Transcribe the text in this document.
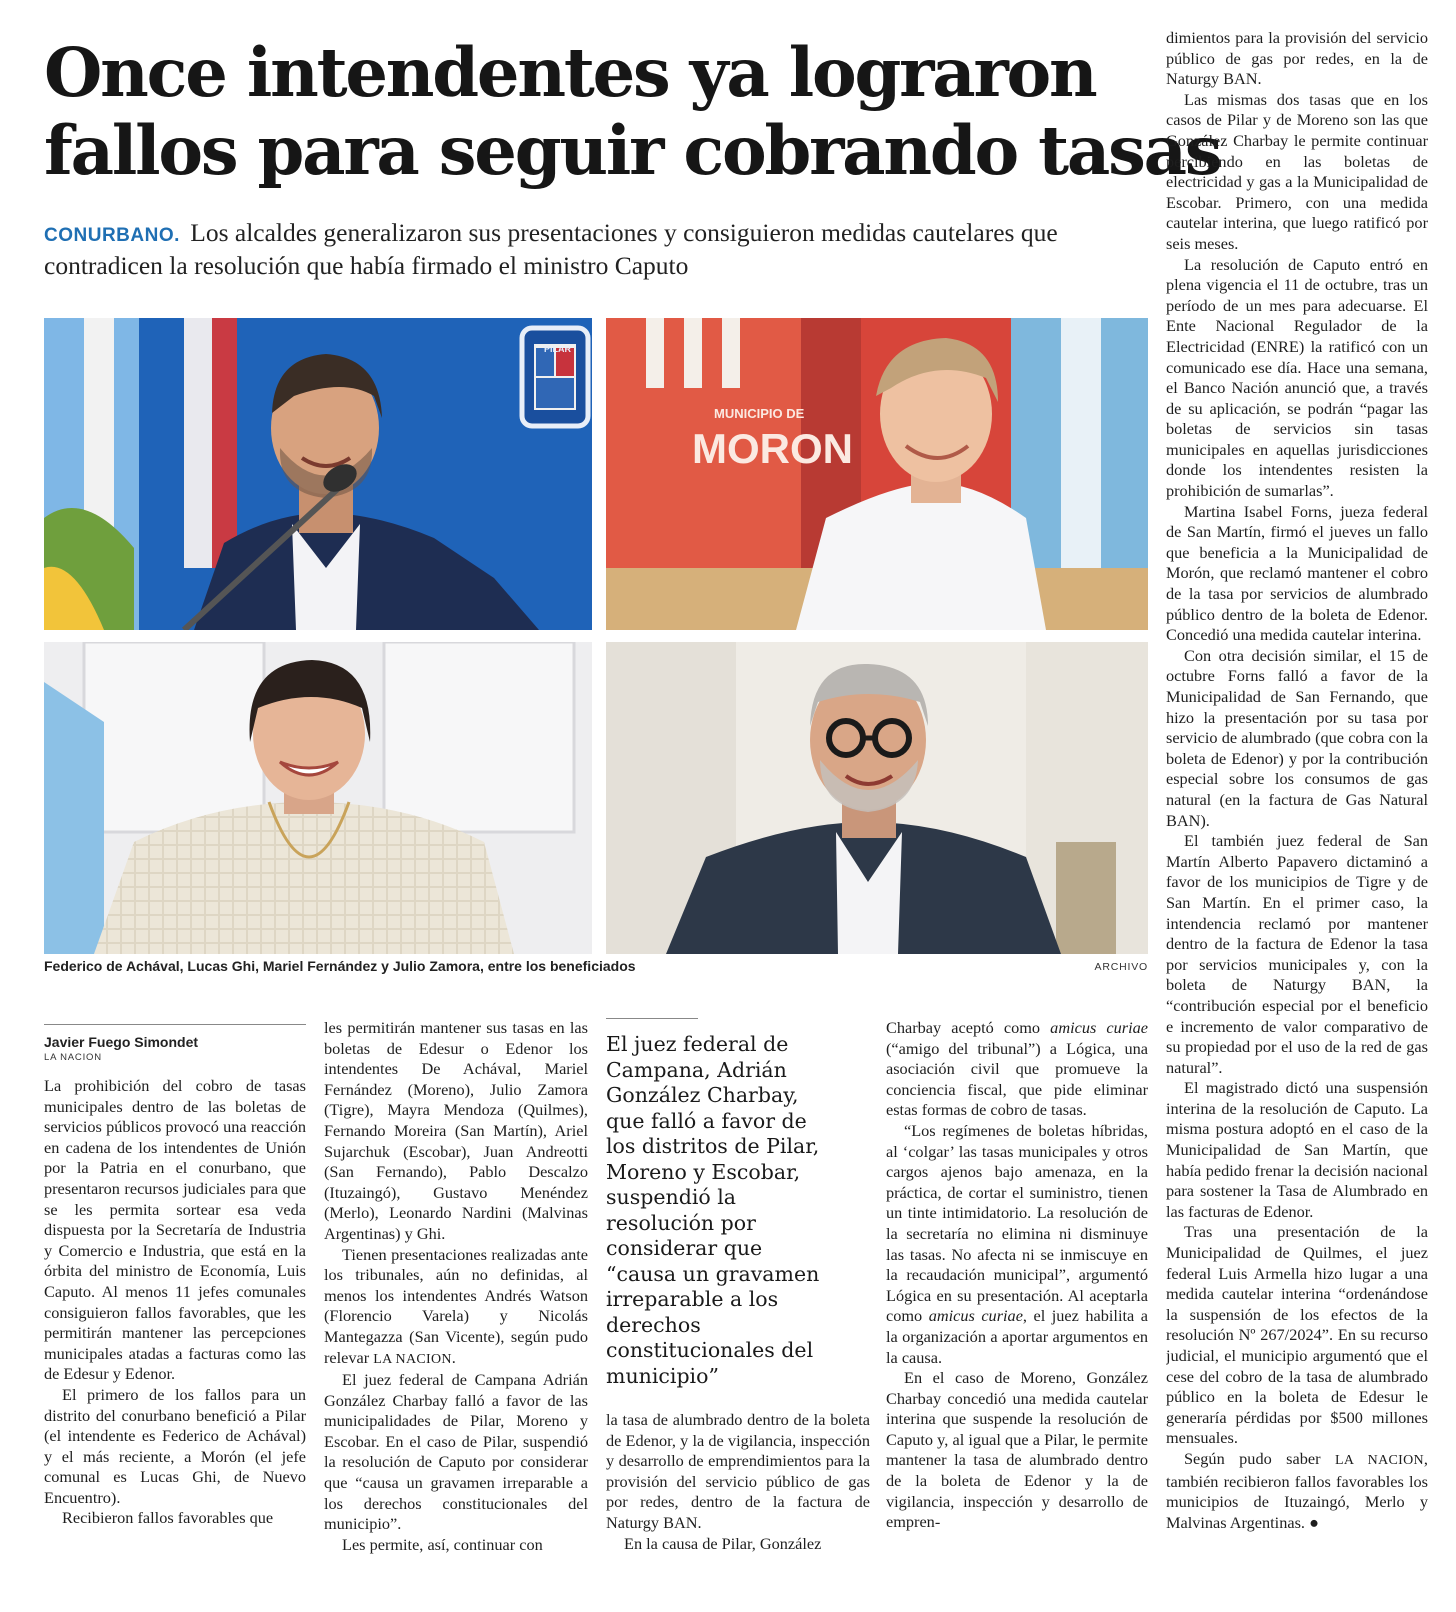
Once intendentes ya lograron
fallos para seguir cobrando tasas
CONURBANO. Los alcaldes generalizaron sus presentaciones y consiguieron medidas cautelares que contradicen la resolución que había firmado el ministro Caputo
PILAR
MUNICIPIO DE
MORON
Federico de Achával, Lucas Ghi, Mariel Fernández y Julio Zamora, entre los beneficiados	ARCHIVO
Javier Fuego Simondet
LA NACION

La prohibición del cobro de tasas municipales dentro de las boletas de servicios públicos provocó una reacción en cadena de los intendentes de Unión por la Patria en el conurbano, que presentaron recursos judiciales para que se les permita sortear esa veda dispuesta por la Secretaría de Industria y Comercio e Industria, que está en la órbita del ministro de Economía, Luis Caputo. Al menos 11 jefes comunales consiguieron fallos favorables, que les permitirán mantener las percepciones municipales atadas a facturas como las de Edesur y Edenor.

El primero de los fallos para un distrito del conurbano benefició a Pilar (el intendente es Federico de Achával) y el más reciente, a Morón (el jefe comunal es Lucas Ghi, de Nuevo Encuentro).

Recibieron fallos favorables que

les permitirán mantener sus tasas en las boletas de Edesur o Edenor los intendentes De Achával, Mariel Fernández (Moreno), Julio Zamora (Tigre), Mayra Mendoza (Quilmes), Fernando Moreira (San Martín), Ariel Sujarchuk (Escobar), Juan Andreotti (San Fernando), Pablo Descalzo (Ituzaingó), Gustavo Menéndez (Merlo), Leonardo Nardini (Malvinas Argentinas) y Ghi.

Tienen presentaciones realizadas ante los tribunales, aún no definidas, al menos los intendentes Andrés Watson (Florencio Varela) y Nicolás Mantegazza (San Vicente), según pudo relevar LA NACION.

El juez federal de Campana Adrián González Charbay falló a favor de las municipalidades de Pilar, Moreno y Escobar. En el caso de Pilar, suspendió la resolución de Caputo por considerar que “causa un gravamen irreparable a los derechos constitucionales del municipio”.

Les permite, así, continuar con

El juez federal de Campana, Adrián González Charbay, que falló a favor de los distritos de Pilar, Moreno y Escobar, suspendió la resolución por considerar que “causa un gravamen irreparable a los derechos constitucionales del municipio”

la tasa de alumbrado dentro de la boleta de Edenor, y la de vigilancia, inspección y desarrollo de emprendimientos para la provisión del servicio público de gas por redes, dentro de la factura de Naturgy BAN.

En la causa de Pilar, González

Charbay aceptó como amicus curiae (“amigo del tribunal”) a Lógica, una asociación civil que promueve la conciencia fiscal, que pide eliminar estas formas de cobro de tasas.

“Los regímenes de boletas híbridas, al ‘colgar’ las tasas municipales y otros cargos ajenos bajo amenaza, en la práctica, de cortar el suministro, tienen un tinte intimidatorio. La resolución de la secretaría no elimina ni disminuye las tasas. No afecta ni se inmiscuye en la recaudación municipal”, argumentó Lógica en su presentación. Al aceptarla como amicus curiae, el juez habilita a la organización a aportar argumentos en la causa.

En el caso de Moreno, González Charbay concedió una medida cautelar interina que suspende la resolución de Caputo y, al igual que a Pilar, le permite mantener la tasa de alumbrado dentro de la boleta de Edenor y la de vigilancia, inspección y desarrollo de empren-

dimientos para la provisión del servicio público de gas por redes, en la de Naturgy BAN.

Las mismas dos tasas que en los casos de Pilar y de Moreno son las que González Charbay le permite continuar percibiendo en las boletas de electricidad y gas a la Municipalidad de Escobar. Primero, con una medida cautelar interina, que luego ratificó por seis meses.

La resolución de Caputo entró en plena vigencia el 11 de octubre, tras un período de un mes para adecuarse. El Ente Nacional Regulador de la Electricidad (ENRE) la ratificó con un comunicado ese día. Hace una semana, el Banco Nación anunció que, a través de su aplicación, se podrán “pagar las boletas de servicios sin tasas municipales en aquellas jurisdicciones donde los intendentes resisten la prohibición de sumarlas”.

Martina Isabel Forns, jueza federal de San Martín, firmó el jueves un fallo que beneficia a la Municipalidad de Morón, que reclamó mantener el cobro de la tasa por servicios de alumbrado público dentro de la boleta de Edenor. Concedió una medida cautelar interina.

Con otra decisión similar, el 15 de octubre Forns falló a favor de la Municipalidad de San Fernando, que hizo la presentación por su tasa por servicio de alumbrado (que cobra con la boleta de Edenor) y por la contribución especial sobre los consumos de gas natural (en la factura de Gas Natural BAN).

El también juez federal de San Martín Alberto Papavero dictaminó a favor de los municipios de Tigre y de San Martín. En el primer caso, la intendencia reclamó por mantener dentro de la factura de Edenor la tasa por servicios municipales y, con la boleta de Naturgy BAN, la “contribución especial por el beneficio e incremento de valor comparativo de su propiedad por el uso de la red de gas natural”.

El magistrado dictó una suspensión interina de la resolución de Caputo. La misma postura adoptó en el caso de la Municipalidad de San Martín, que había pedido frenar la decisión nacional para sostener la Tasa de Alumbrado en las facturas de Edenor.

Tras una presentación de la Municipalidad de Quilmes, el juez federal Luis Armella hizo lugar a una medida cautelar interina “ordenándose la suspensión de los efectos de la resolución Nº 267/2024”. En su recurso judicial, el municipio argumentó que el cese del cobro de la tasa de alumbrado público en la boleta de Edesur le generaría pérdidas por $500 millones mensuales.

Según pudo saber LA NACION, también recibieron fallos favorables los municipios de Ituzaingó, Merlo y Malvinas Argentinas. ●
